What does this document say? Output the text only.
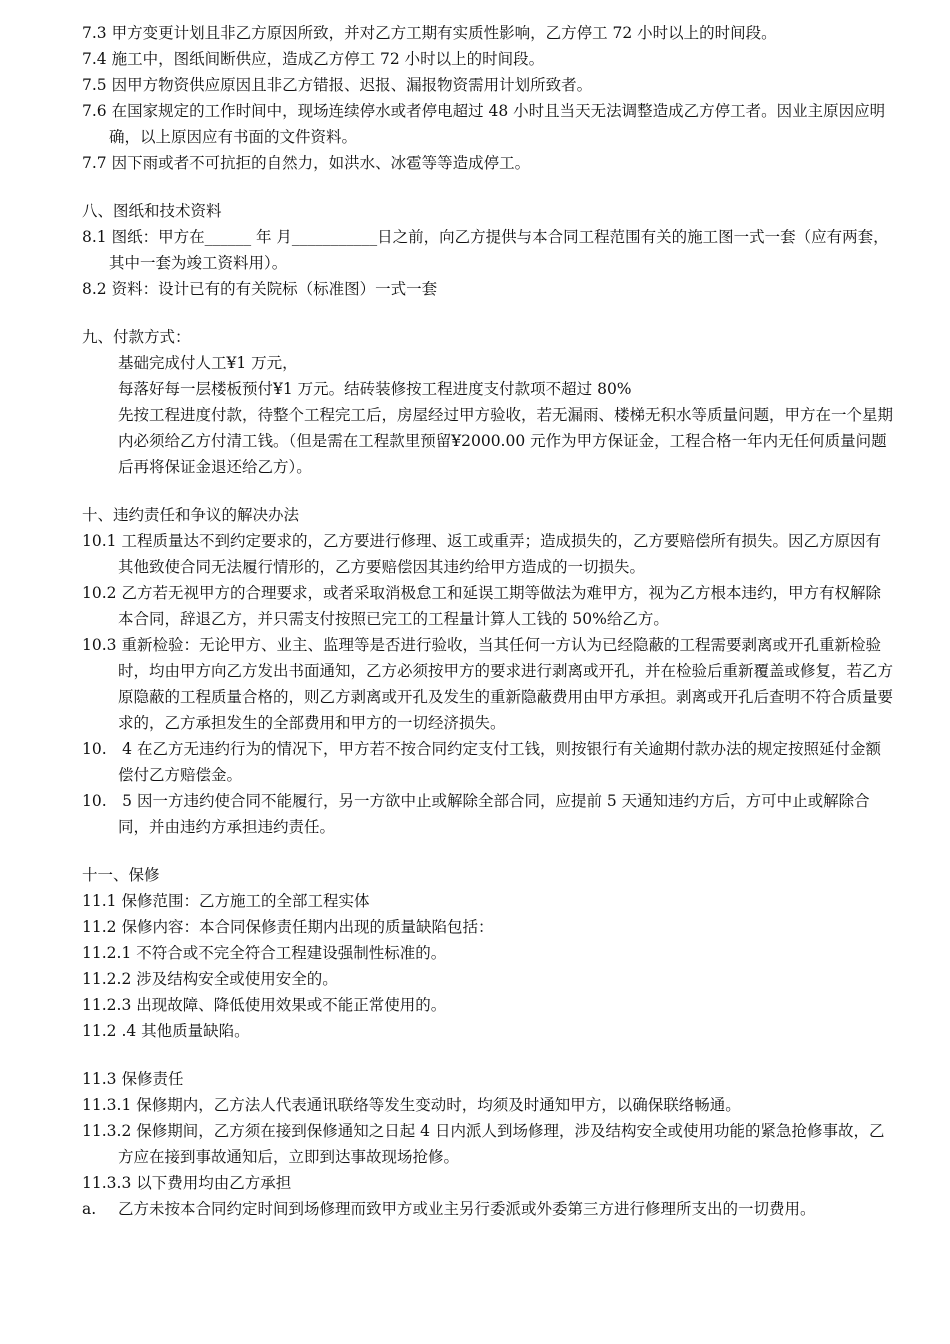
7.3 甲方变更计划且非乙方原因所致，并对乙方工期有实质性影响，乙方停工 72 小时以上的时间段。

7.4 施工中，图纸间断供应，造成乙方停工 72 小时以上的时间段。

7.5 因甲方物资供应原因且非乙方错报、迟报、漏报物资需用计划所致者。

7.6 在国家规定的工作时间中，现场连续停水或者停电超过 48 小时且当天无法调整造成乙方停工者。因业主原因应明确，以上原因应有书面的文件资料。

7.7 因下雨或者不可抗拒的自然力，如洪水、冰雹等等造成停工。

八、图纸和技术资料

8.1 图纸：甲方在______ 年 月___________日之前，向乙方提供与本合同工程范围有关的施工图一式一套（应有两套，其中一套为竣工资料用）。

8.2 资料：设计已有的有关院标（标准图）一式一套

九、付款方式：

基础完成付人工¥1 万元，

每落好每一层楼板预付¥1 万元。结砖装修按工程进度支付款项不超过 80%

先按工程进度付款，待整个工程完工后，房屋经过甲方验收，若无漏雨、楼梯无积水等质量问题，甲方在一个星期内必须给乙方付清工钱。（但是需在工程款里预留¥2000.00 元作为甲方保证金，工程合格一年内无任何质量问题后再将保证金退还给乙方）。

十、违约责任和争议的解决办法

10.1 工程质量达不到约定要求的，乙方要进行修理、返工或重弄；造成损失的，乙方要赔偿所有损失。因乙方原因有其他致使合同无法履行情形的，乙方要赔偿因其违约给甲方造成的一切损失。

10.2 乙方若无视甲方的合理要求，或者采取消极怠工和延误工期等做法为难甲方，视为乙方根本违约，甲方有权解除本合同，辞退乙方，并只需支付按照已完工的工程量计算人工钱的 50%给乙方。

10.3 重新检验：无论甲方、业主、监理等是否进行验收，当其任何一方认为已经隐蔽的工程需要剥离或开孔重新检验时，均由甲方向乙方发出书面通知，乙方必须按甲方的要求进行剥离或开孔，并在检验后重新覆盖或修复，若乙方原隐蔽的工程质量合格的，则乙方剥离或开孔及发生的重新隐蔽费用由甲方承担。剥离或开孔后查明不符合质量要求的，乙方承担发生的全部费用和甲方的一切经济损失。

10.　4 在乙方无违约行为的情况下，甲方若不按合同约定支付工钱，则按银行有关逾期付款办法的规定按照延付金额偿付乙方赔偿金。

10.　5 因一方违约使合同不能履行，另一方欲中止或解除全部合同，应提前 5 天通知违约方后，方可中止或解除合同，并由违约方承担违约责任。

十一、保修

11.1 保修范围：乙方施工的全部工程实体

11.2 保修内容：本合同保修责任期内出现的质量缺陷包括：

11.2.1 不符合或不完全符合工程建设强制性标准的。

11.2.2 涉及结构安全或使用安全的。

11.2.3 出现故障、降低使用效果或不能正常使用的。

11.2 .4 其他质量缺陷。

11.3 保修责任

11.3.1 保修期内，乙方法人代表通讯联络等发生变动时，均须及时通知甲方，以确保联络畅通。

11.3.2 保修期间，乙方须在接到保修通知之日起 4 日内派人到场修理，涉及结构安全或使用功能的紧急抢修事故，乙方应在接到事故通知后，立即到达事故现场抢修。

11.3.3 以下费用均由乙方承担

a.	乙方未按本合同约定时间到场修理而致甲方或业主另行委派或外委第三方进行修理所支出的一切费用。
